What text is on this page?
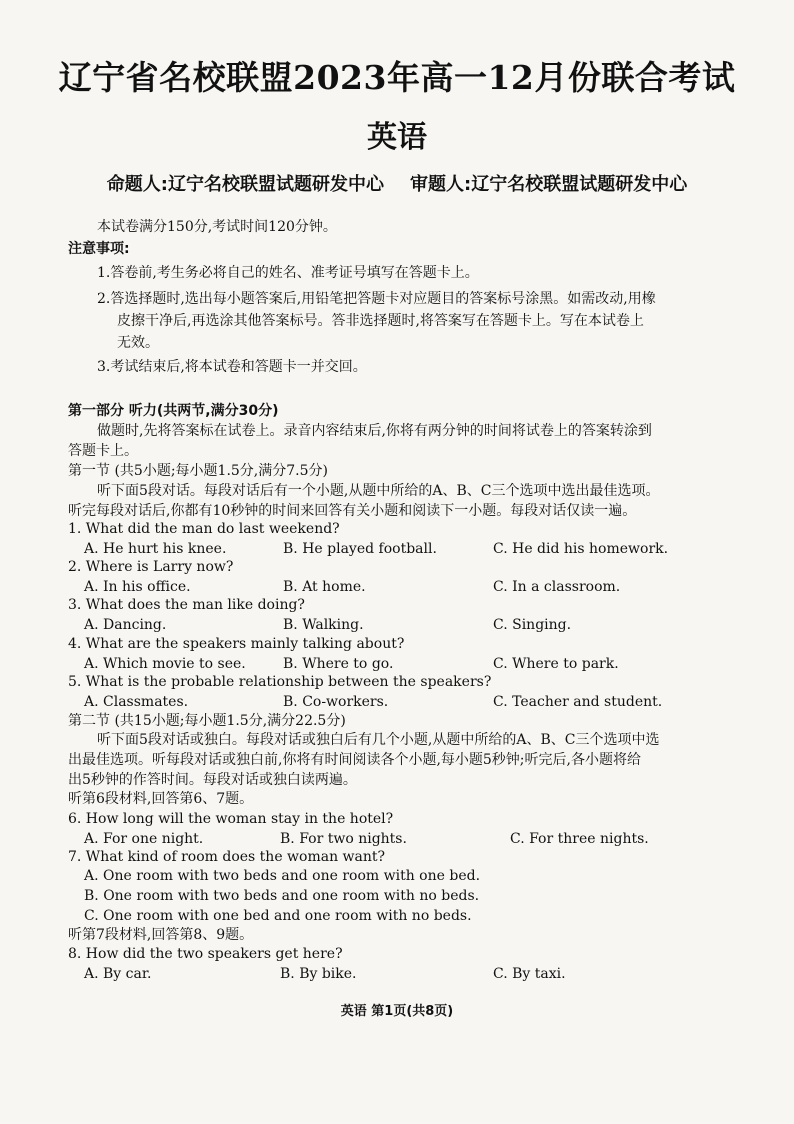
辽宁省名校联盟2023年高一12月份联合考试
英语
命题人:辽宁名校联盟试题研发中心 审题人:辽宁名校联盟试题研发中心
本试卷满分150分,考试时间120分钟。
注意事项:
1.答卷前,考生务必将自己的姓名、准考证号填写在答题卡上。
2.答选择题时,选出每小题答案后,用铅笔把答题卡对应题目的答案标号涂黑。如需改动,用橡
皮擦干净后,再选涂其他答案标号。答非选择题时,将答案写在答题卡上。写在本试卷上
无效。
3.考试结束后,将本试卷和答题卡一并交回。
第一部分 听力(共两节,满分30分)
做题时,先将答案标在试卷上。录音内容结束后,你将有两分钟的时间将试卷上的答案转涂到
答题卡上。
第一节 (共5小题;每小题1.5分,满分7.5分)
听下面5段对话。每段对话后有一个小题,从题中所给的A、B、C三个选项中选出最佳选项。
听完每段对话后,你都有10秒钟的时间来回答有关小题和阅读下一小题。每段对话仅读一遍。
1. What did the man do last weekend?
A. He hurt his knee.	B. He played football.	C. He did his homework.
2. Where is Larry now?
A. In his office.	B. At home.	C. In a classroom.
3. What does the man like doing?
A. Dancing.	B. Walking.	C. Singing.
4. What are the speakers mainly talking about?
A. Which movie to see.	B. Where to go.	C. Where to park.
5. What is the probable relationship between the speakers?
A. Classmates.	B. Co-workers.	C. Teacher and student.
第二节 (共15小题;每小题1.5分,满分22.5分)
听下面5段对话或独白。每段对话或独白后有几个小题,从题中所给的A、B、C三个选项中选
出最佳选项。听每段对话或独白前,你将有时间阅读各个小题,每小题5秒钟;听完后,各小题将给
出5秒钟的作答时间。每段对话或独白读两遍。
听第6段材料,回答第6、7题。
6. How long will the woman stay in the hotel?
A. For one night.	B. For two nights.	C. For three nights.
7. What kind of room does the woman want?
A. One room with two beds and one room with one bed.
B. One room with two beds and one room with no beds.
C. One room with one bed and one room with no beds.
听第7段材料,回答第8、9题。
8. How did the two speakers get here?
A. By car.	B. By bike.	C. By taxi.
英语 第1页(共8页)
